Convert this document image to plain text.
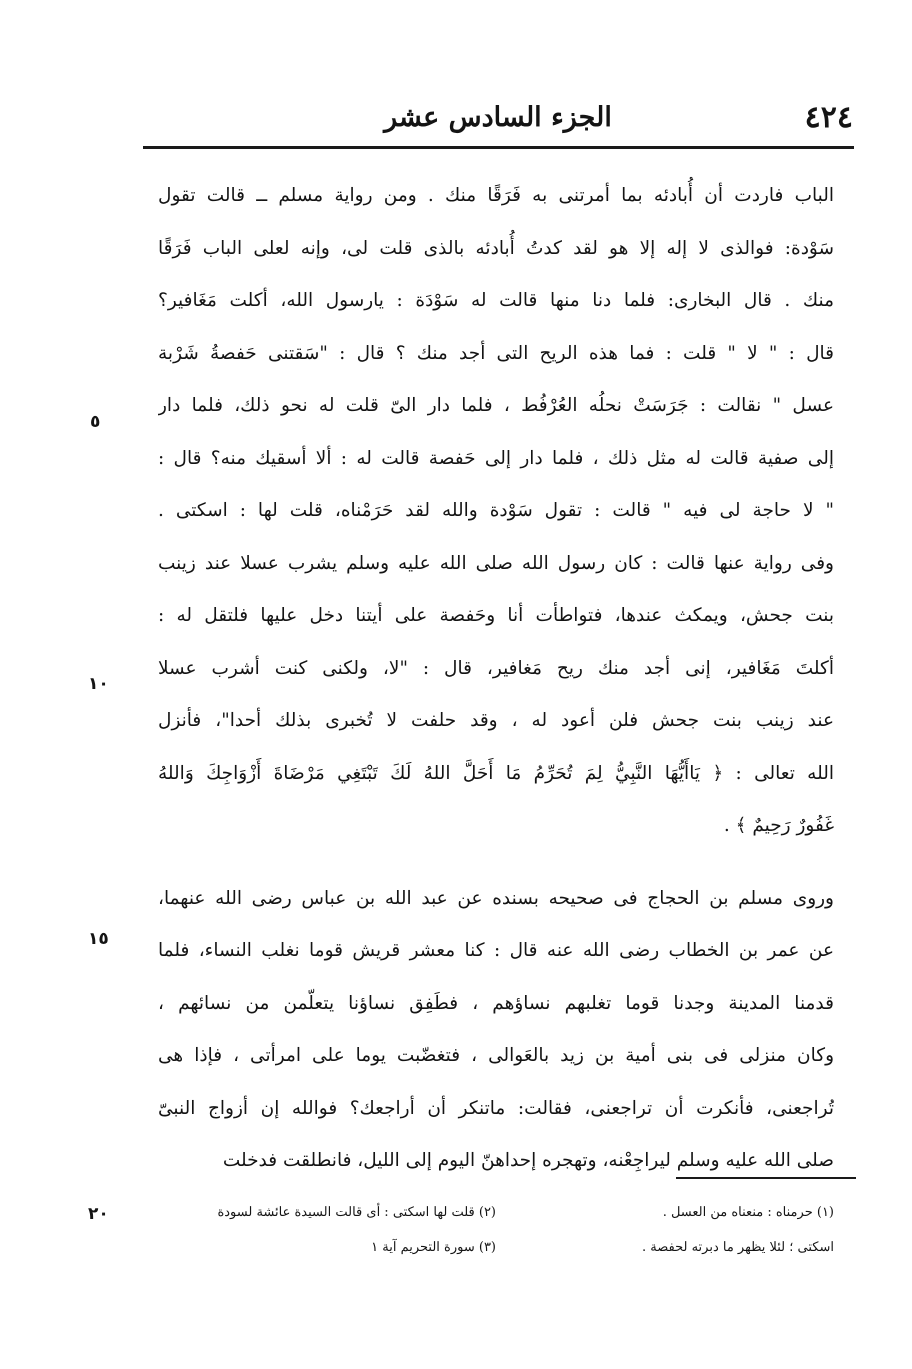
٤٢٤
الجزء السادس عشر
الباب فاردت أن أُبادئه بما أمرتنى به فَرَقًا منك . ومن رواية مسلم ــ قالت تقول
سَوْدة: فوالذى لا إله إلا هو لقد كدتُ أُبادئه بالذى قلت لى، وإنه لعلى الباب فَرَقًا
منك . قال البخارى: فلما دنا منها قالت له سَوْدَة : يارسول الله، أكلت مَغَافير؟
قال : " لا " قلت : فما هذه الريح التى أجد منك ؟ قال : "سَقتنى حَفصةُ شَرْبة
عسل " نقالت : جَرَسَتْ نحلُه العُرْفُط ، فلما دار الىّ قلت له نحو ذلك، فلما دار
إلى صفية قالت له مثل ذلك ، فلما دار إلى حَفصة قالت له : ألا أسقيك منه؟ قال :
" لا حاجة لى فيه " قالت : تقول سَوْدة والله لقد حَرَمْناه، قلت لها : اسكتى .
وفى رواية عنها قالت : كان رسول الله صلى الله عليه وسلم يشرب عسلا عند زينب
بنت جحش، ويمكث عندها، فتواطأت أنا وحَفصة على أيتنا دخل عليها فلتقل له :
أكلتَ مَغَافير، إنى أجد منك ريح مَغافير، قال : "لا، ولكنى كنت أشرب عسلا
عند زينب بنت جحش فلن أعود له ، وقد حلفت لا تُخبرى بذلك أحدا"، فأنزل
الله تعالى : ﴿ يَاأَيُّهَا النَّبِيُّ لِمَ تُحَرِّمُ مَا أَحَلَّ اللهُ لَكَ تَبْتَغِي مَرْضَاةَ أَزْوَاجِكَ وَاللهُ
غَفُورٌ رَحِيمٌ ﴾ .
وروى مسلم بن الحجاج فى صحيحه بسنده عن عبد الله بن عباس رضى الله عنهما،
عن عمر بن الخطاب رضى الله عنه قال : كنا معشر قريش قوما نغلب النساء، فلما
قدمنا المدينة وجدنا قوما تغلبهم نساؤهم ، فطَفِق نساؤنا يتعلّمن من نسائهم ،
وكان منزلى فى بنى أمية بن زيد بالعَوالى ، فتغضّبت يوما على امرأتى ، فإذا هى
تُراجعنى، فأنكرت أن تراجعنى، فقالت: ماتنكر أن أراجعك؟ فوالله إن أزواج النبىّ
صلى الله عليه وسلم ليراجِعْنه، وتهجره إحداهنّ اليوم إلى الليل، فانطلقت فدخلت
٥
١٠
١٥
٢٠	(١) حرمناه : منعناه من العسل .
(٢) قلت لها اسكتى : أى قالت السيدة عائشة لسودة
اسكتى ؛ لئلا يظهر ما دبرته لحفصة .
(٣) سورة التحريم آية ١
